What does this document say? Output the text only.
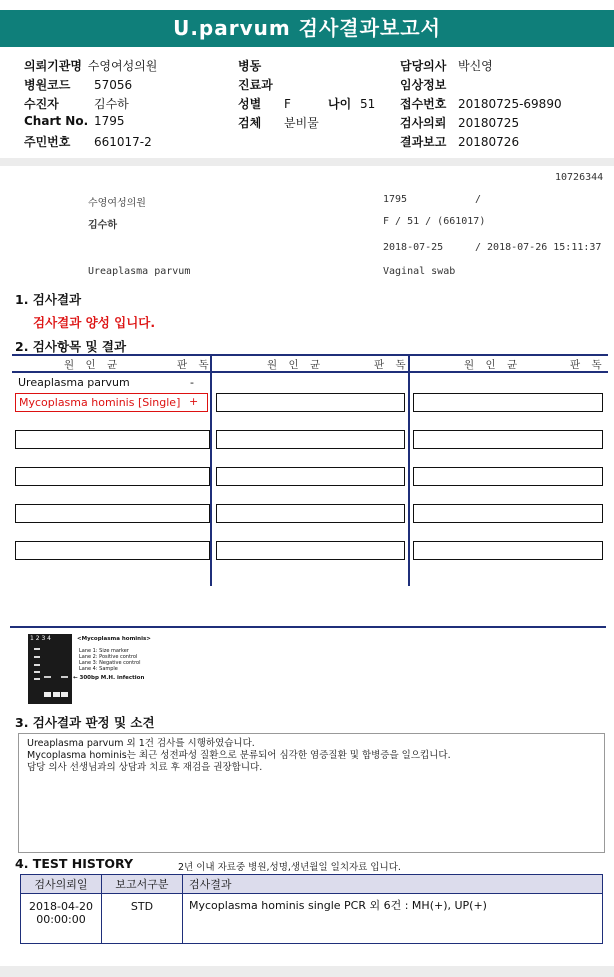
U.parvum 검사결과보고서
의뢰기관명 수영여성의원
병원코드 57056
수진자	김수하
Chart No. 1795
주민번호 661017-2
병동
진료과
성별 F
검체 분비물
나이 51
담당의사 박신영
임상정보
접수번호 20180725-69890
검사의뢰 20180725
결과보고 20180726
10726344
수영여성의원	1795	/
김수하	F / 51 / (661017)
2018-07-25	/ 2018-07-26 15:11:37
Ureaplasma parvum	Vaginal swab
1. 검사결과
검사결과 양성 입니다.
2. 검사항목 및 결과
원 인 균	판 독	원 인 균	판 독	원 인 균	판 독
Ureaplasma parvum	-
Mycoplasma hominis [Single] +
1 2 3 4	<Mycoplasma hominis>
Lane 1: Size marker
Lane 2: Positive control
Lane 3: Negative control
Lane 4: Sample
← 300bp M.H. infection
3. 검사결과 판정 및 소견
Ureaplasma parvum 외 1건 검사를 시행하였습니다.
Mycoplasma hominis는 최근 성전파성 질환으로 분류되어 심각한 염증질환 및 합병증을 일으킵니다.
담당 의사 선생님과의 상담과 치료 후 재검을 권장합니다.
4. TEST HISTORY	2년 이내 자료중 병원,성명,생년월일 일치자료 입니다.
검사의뢰일	보고서구분	검사결과

2018-04-20
00:00:00	STD	Mycoplasma hominis single PCR 외 6건 : MH(+), UP(+)
